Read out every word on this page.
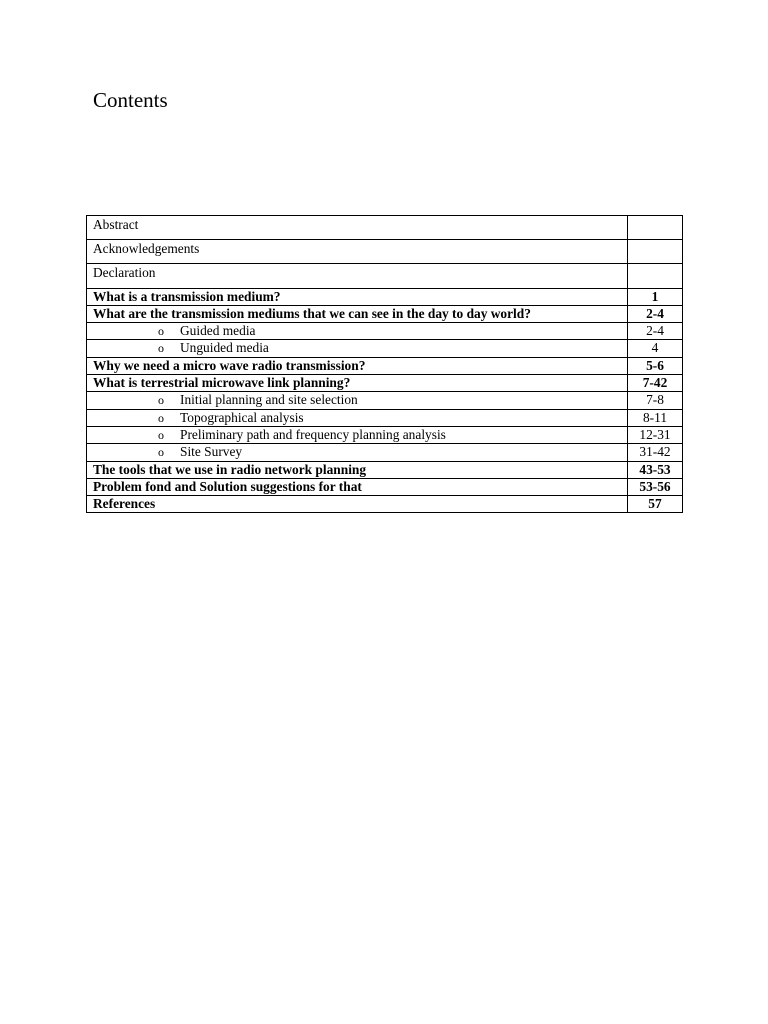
Contents
Abstract	
Acknowledgements	
Declaration	
What is a transmission medium?	1
What are the transmission mediums that we can see in the day to day world?	2-4
o Guided media	2-4
o Unguided media	4
Why we need a micro wave radio transmission?	5-6
What is terrestrial microwave link planning?	7-42
o Initial planning and site selection	7-8
o Topographical analysis	8-11
o Preliminary path and frequency planning analysis	12-31
o Site Survey	31-42
The tools that we use in radio network planning	43-53
Problem fond and Solution suggestions for that	53-56
References	57
